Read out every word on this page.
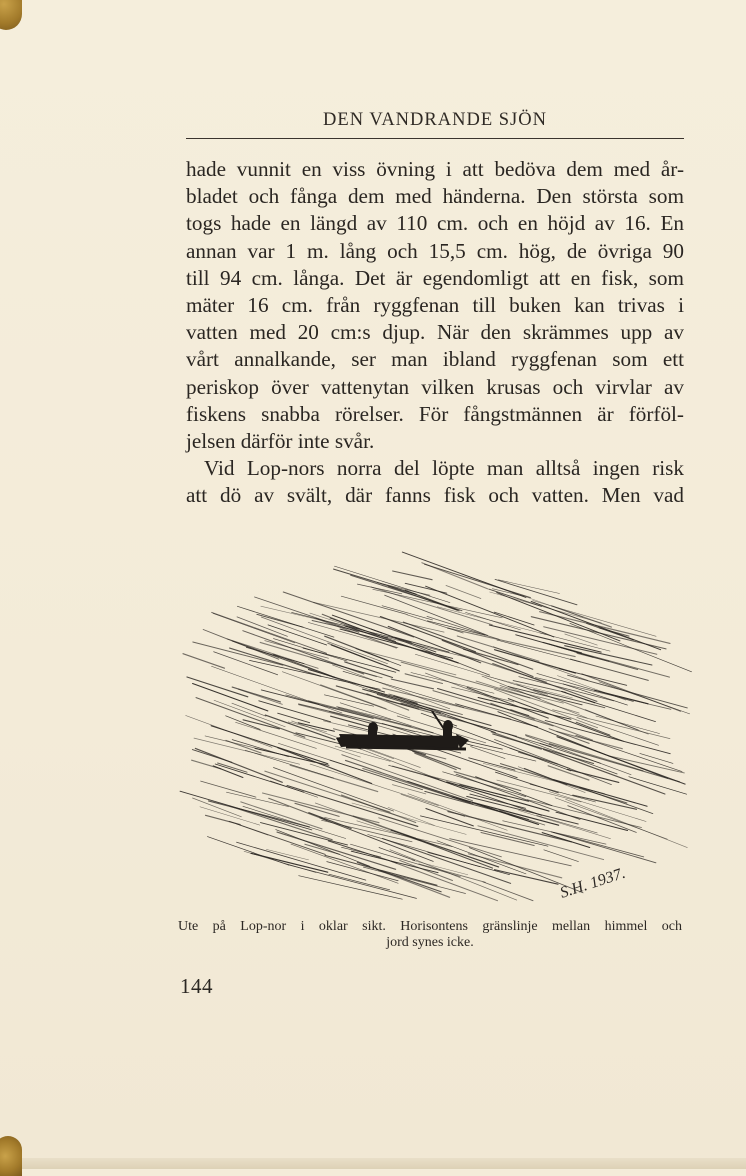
DEN VANDRANDE SJÖN
hade vunnit en viss övning i att bedöva dem med år-
bladet och fånga dem med händerna. Den största som
togs hade en längd av 110 cm. och en höjd av 16. En
annan var 1 m. lång och 15,5 cm. hög, de övriga 90
till 94 cm. långa. Det är egendomligt att en fisk, som
mäter 16 cm. från ryggfenan till buken kan trivas i
vatten med 20 cm:s djup. När den skrämmes upp av
vårt annalkande, ser man ibland ryggfenan som ett
periskop över vattenytan vilken krusas och virvlar av
fiskens snabba rörelser. För fångstmännen är förföl-
jelsen därför inte svår.
Vid Lop-nors norra del löpte man alltså ingen risk
att dö av svält, där fanns fisk och vatten. Men vad
S.H. 1937.
Ute på Lop-nor i oklar sikt. Horisontens gränslinje mellan himmel och
jord synes icke.
144
